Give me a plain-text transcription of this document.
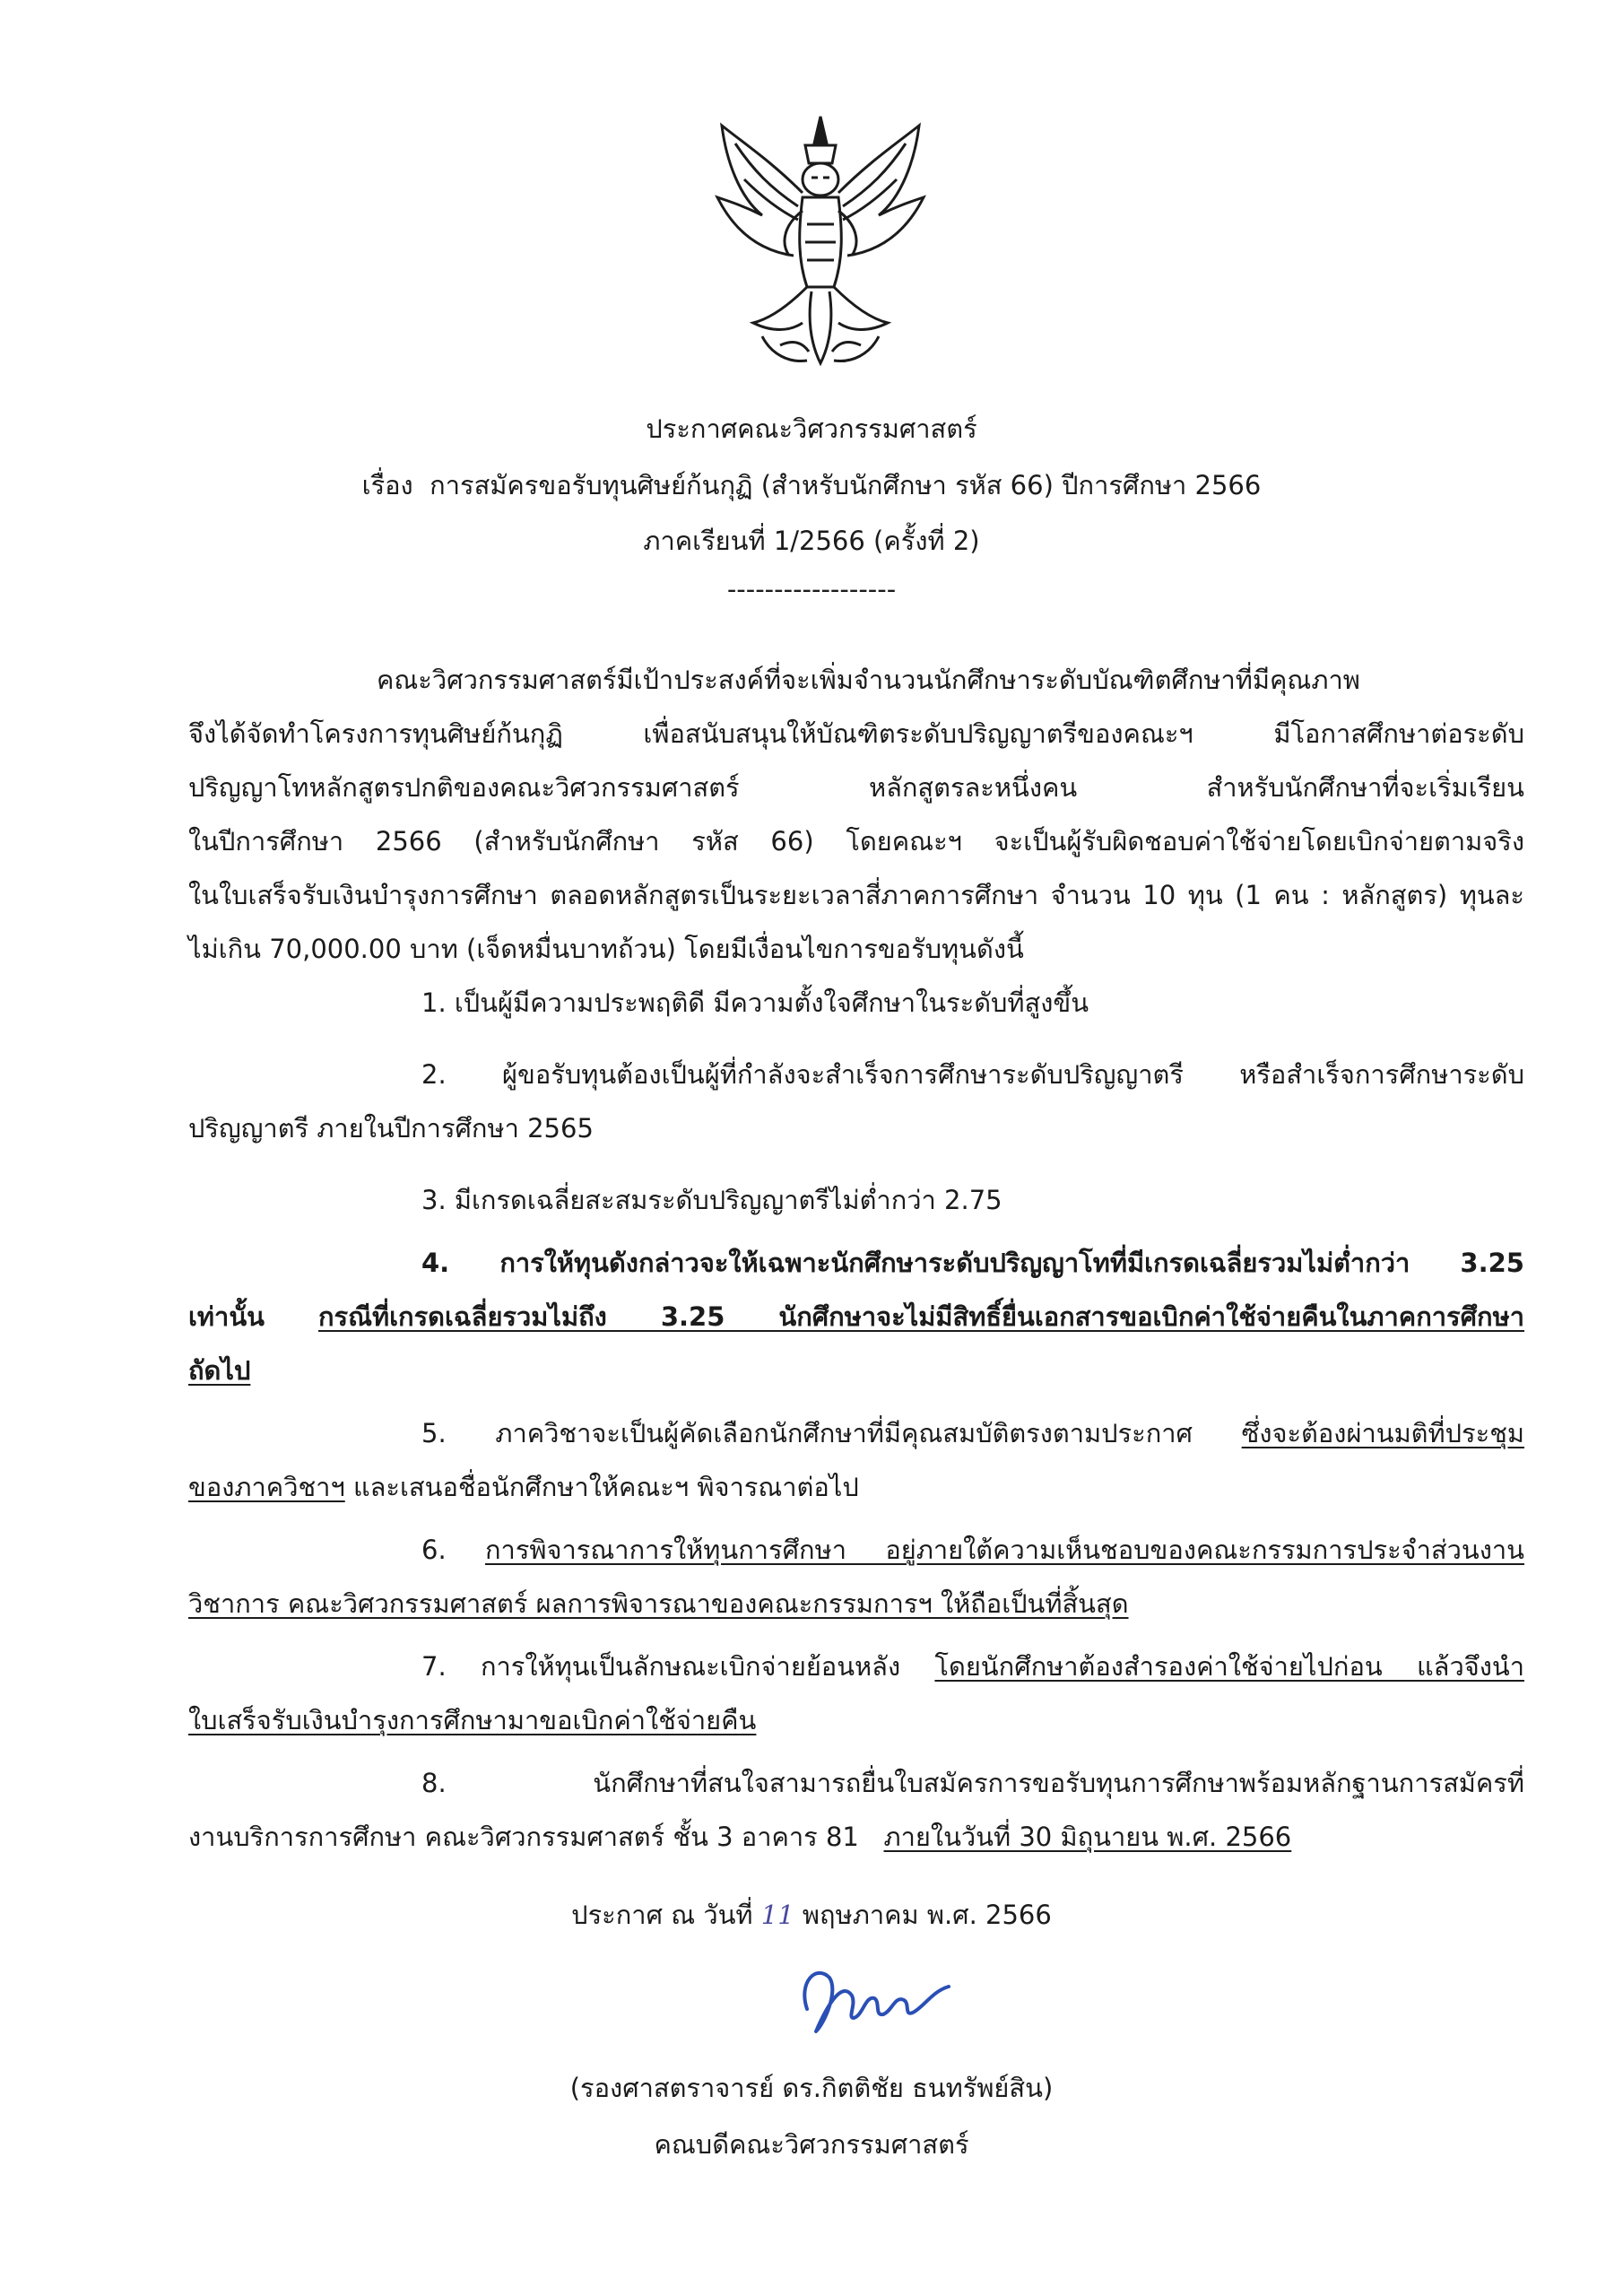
ประกาศคณะวิศวกรรมศาสตร์
เรื่อง การสมัครขอรับทุนศิษย์ก้นกุฏิ (สำหรับนักศึกษา รหัส 66) ปีการศึกษา 2566
ภาคเรียนที่ 1/2566 (ครั้งที่ 2)
------------------
คณะวิศวกรรมศาสตร์มีเป้าประสงค์ที่จะเพิ่มจำนวนนักศึกษาระดับบัณฑิตศึกษาที่มีคุณภาพ
จึงได้จัดทำโครงการทุนศิษย์ก้นกุฏิ เพื่อสนับสนุนให้บัณฑิตระดับปริญญาตรีของคณะฯ มีโอกาสศึกษาต่อระดับ
ปริญญาโทหลักสูตรปกติของคณะวิศวกรรมศาสตร์ หลักสูตรละหนึ่งคน สำหรับนักศึกษาที่จะเริ่มเรียน
ในปีการศึกษา 2566 (สำหรับนักศึกษา รหัส 66) โดยคณะฯ จะเป็นผู้รับผิดชอบค่าใช้จ่ายโดยเบิกจ่ายตามจริง
ในใบเสร็จรับเงินบำรุงการศึกษา ตลอดหลักสูตรเป็นระยะเวลาสี่ภาคการศึกษา จำนวน 10 ทุน (1 คน : หลักสูตร) ทุนละ
ไม่เกิน 70,000.00 บาท (เจ็ดหมื่นบาทถ้วน) โดยมีเงื่อนไขการขอรับทุนดังนี้
1. เป็นผู้มีความประพฤติดี มีความตั้งใจศึกษาในระดับที่สูงขึ้น
2. ผู้ขอรับทุนต้องเป็นผู้ที่กำลังจะสำเร็จการศึกษาระดับปริญญาตรี หรือสำเร็จการศึกษาระดับ
ปริญญาตรี ภายในปีการศึกษา 2565
3. มีเกรดเฉลี่ยสะสมระดับปริญญาตรีไม่ต่ำกว่า 2.75
4. การให้ทุนดังกล่าวจะให้เฉพาะนักศึกษาระดับปริญญาโทที่มีเกรดเฉลี่ยรวมไม่ต่ำกว่า 3.25
เท่านั้น กรณีที่เกรดเฉลี่ยรวมไม่ถึง 3.25 นักศึกษาจะไม่มีสิทธิ์ยื่นเอกสารขอเบิกค่าใช้จ่ายคืนในภาคการศึกษา
ถัดไป
5. ภาควิชาจะเป็นผู้คัดเลือกนักศึกษาที่มีคุณสมบัติตรงตามประกาศ ซึ่งจะต้องผ่านมติที่ประชุม
ของภาควิชาฯ และเสนอชื่อนักศึกษาให้คณะฯ พิจารณาต่อไป
6. การพิจารณาการให้ทุนการศึกษา อยู่ภายใต้ความเห็นชอบของคณะกรรมการประจำส่วนงาน
วิชาการ คณะวิศวกรรมศาสตร์ ผลการพิจารณาของคณะกรรมการฯ ให้ถือเป็นที่สิ้นสุด
7. การให้ทุนเป็นลักษณะเบิกจ่ายย้อนหลัง โดยนักศึกษาต้องสำรองค่าใช้จ่ายไปก่อน แล้วจึงนำ
ใบเสร็จรับเงินบำรุงการศึกษามาขอเบิกค่าใช้จ่ายคืน
8. นักศึกษาที่สนใจสามารถยื่นใบสมัครการขอรับทุนการศึกษาพร้อมหลักฐานการสมัครที่
งานบริการการศึกษา คณะวิศวกรรมศาสตร์ ชั้น 3 อาคาร 81 ภายในวันที่ 30 มิถุนายน พ.ศ. 2566
ประกาศ ณ วันที่ 11 พฤษภาคม พ.ศ. 2566
(รองศาสตราจารย์ ดร.กิตติชัย ธนทรัพย์สิน)
คณบดีคณะวิศวกรรมศาสตร์
